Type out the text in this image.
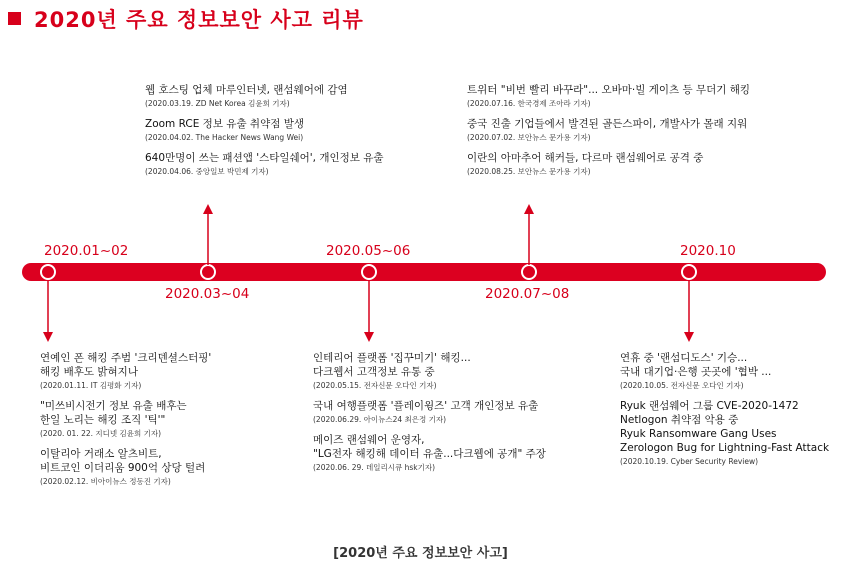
2020년 주요 정보보안 사고 리뷰
2020.01~02
2020.03~04
2020.05~06
2020.07~08
2020.10
웹 호스팅 업체 마루인터넷, 랜섬웨어에 감염
(2020.03.19. ZD Net Korea 김윤희 기자)
Zoom RCE 정보 유출 취약점 발생
(2020.04.02. The Hacker News Wang Wei)
640만명이 쓰는 패션앱 '스타일쉐어', 개인정보 유출
(2020.04.06. 중앙일보 박민제 기자)
트위터 "비번 빨리 바꾸라"... 오바마·빌 게이츠 등 무더기 해킹
(2020.07.16. 한국경제 조아라 기자)
중국 진출 기업들에서 발견된 골든스파이, 개발사가 몰래 지워
(2020.07.02. 보안뉴스 문가용 기자)
이란의 아마추어 해커들, 다르마 랜섬웨어로 공격 중
(2020.08.25. 보안뉴스 문가용 기자)
연예인 폰 해킹 주범 '크리덴셜스터핑'
해킹 배후도 밝혀지나
(2020.01.11. IT 김평화 기자)
"미쓰비시전기 정보 유출 배후는
한일 노리는 해킹 조직 '틱'"
(2020. 01. 22. 지디넷 김윤희 기자)
이탈리아 거래소 알츠비트,
비트코인 이더리움 900억 상당 털려
(2020.02.12. 비아이뉴스 정동진 기자)
인테리어 플랫폼 '집꾸미기' 해킹...
다크웹서 고객정보 유통 중
(2020.05.15. 전자신문 오다인 기자)
국내 여행플랫폼 '플레이윙즈' 고객 개인정보 유출
(2020.06.29. 아이뉴스24 최은정 기자)
메이즈 랜섬웨어 운영자,
"LG전자 해킹해 데이터 유출...다크웹에 공개" 주장
(2020.06. 29. 데일리시큐 hsk기자)
연휴 중 '랜섬디도스' 기승...
국내 대기업·은행 곳곳에 '협박 ...
(2020.10.05. 전자신문 오다인 기자)
Ryuk 랜섬웨어 그룹 CVE-2020-1472
Netlogon 취약점 악용 중
Ryuk Ransomware Gang Uses
Zerologon Bug for Lightning-Fast Attack
(2020.10.19. Cyber Security Review)
[2020년 주요 정보보안 사고]
